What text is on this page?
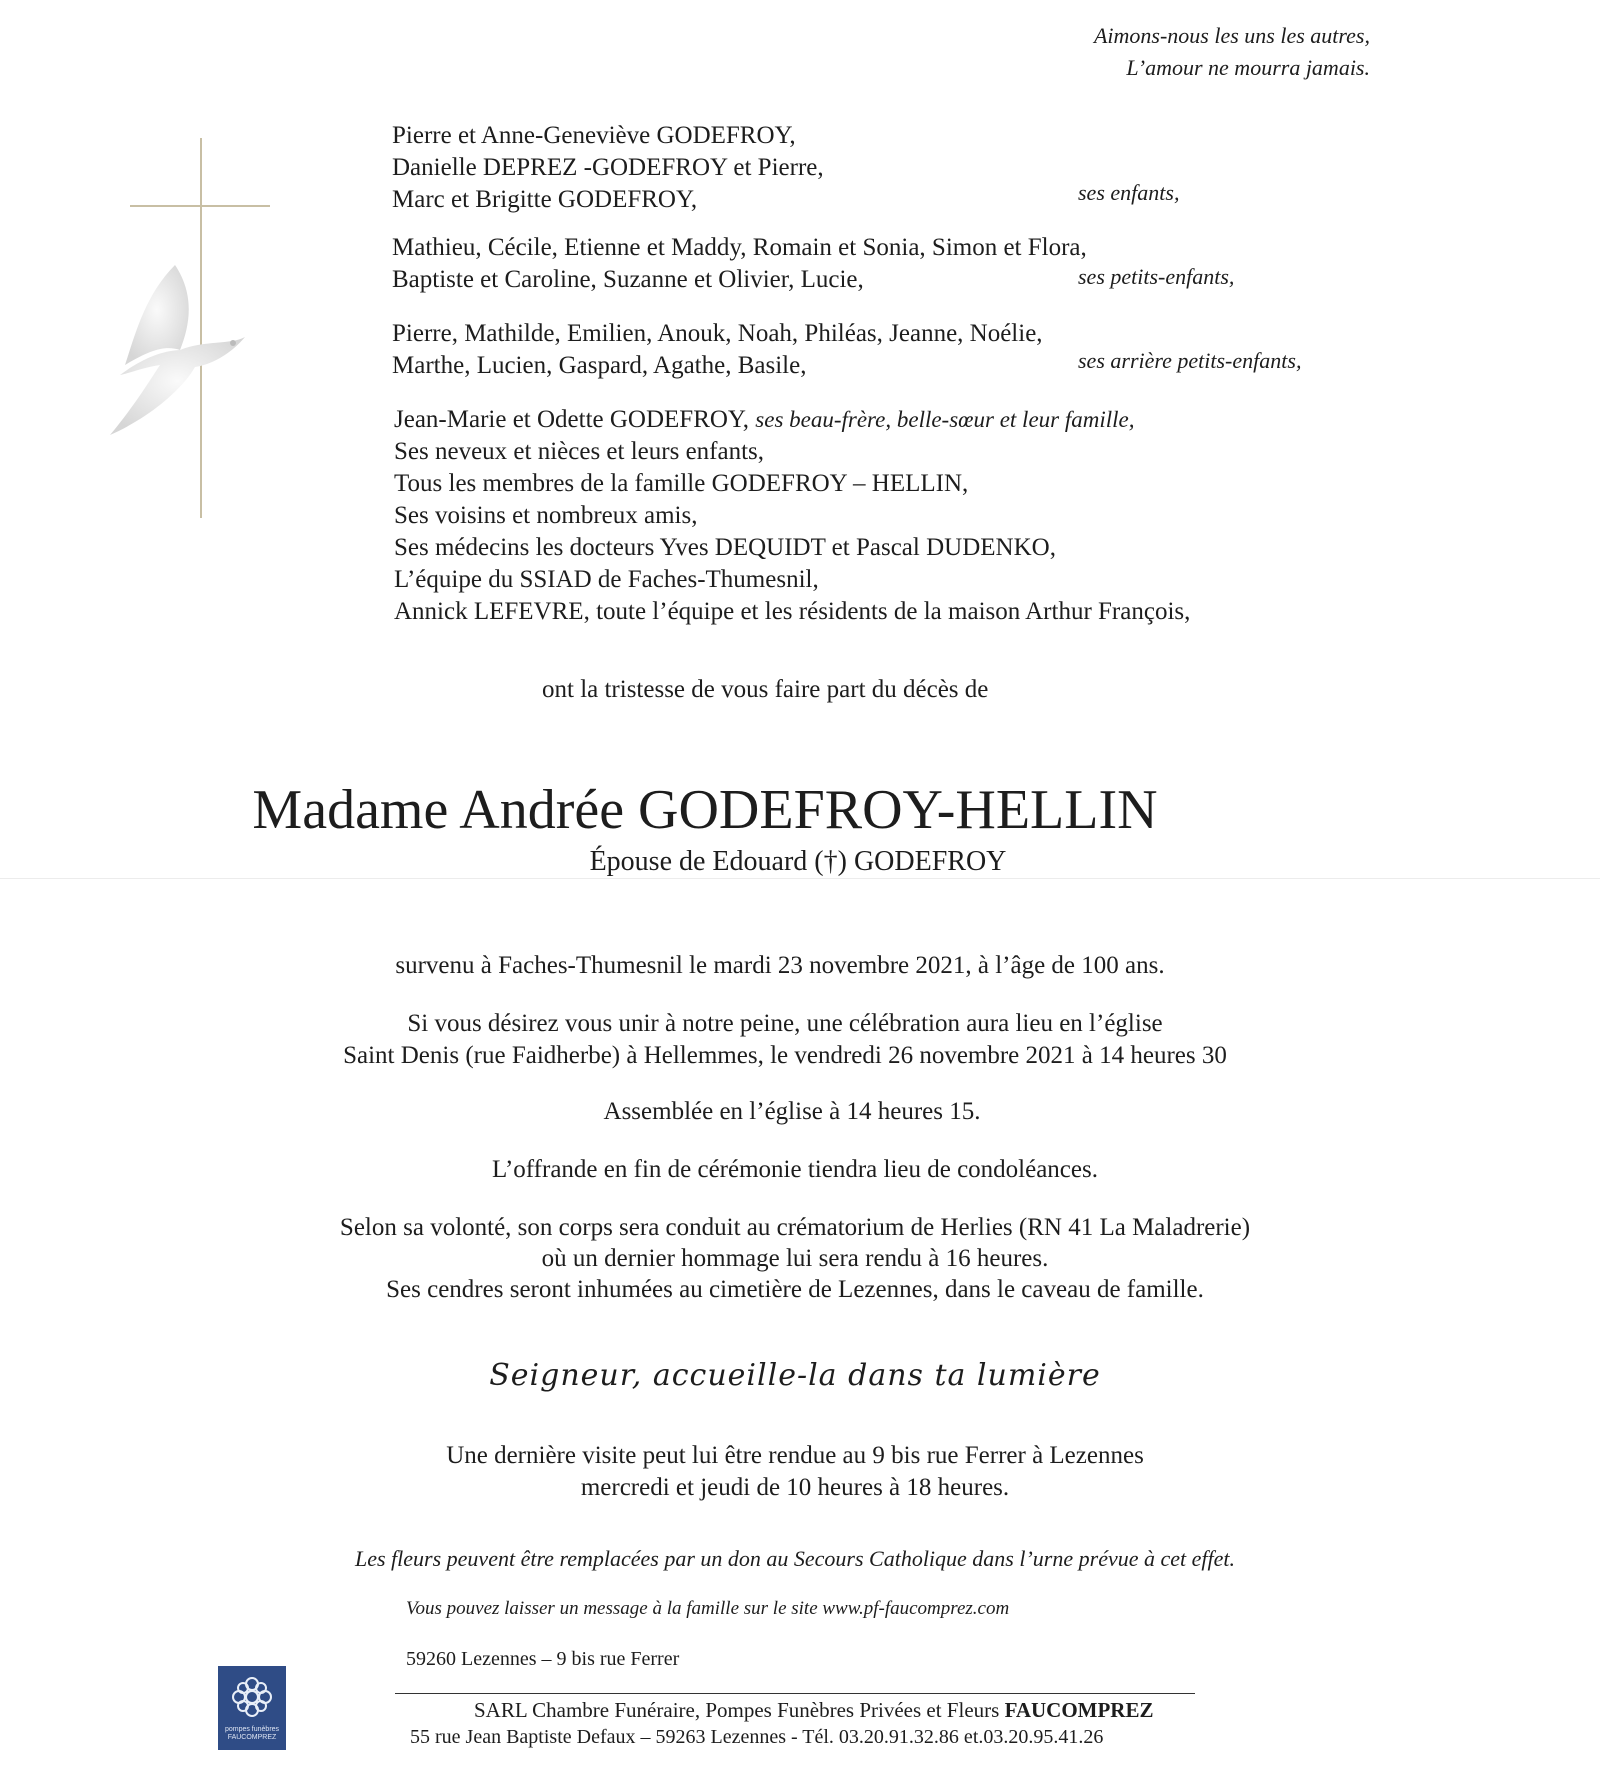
Aimons-nous les uns les autres,
L’amour ne mourra jamais.
Pierre et Anne-Geneviève GODEFROY,
Danielle DEPREZ -GODEFROY et Pierre,
Marc et Brigitte GODEFROY,	ses enfants,
Mathieu, Cécile, Etienne et Maddy, Romain et Sonia, Simon et Flora,
Baptiste et Caroline, Suzanne et Olivier, Lucie,	ses petits-enfants,
Pierre, Mathilde, Emilien, Anouk, Noah, Philéas, Jeanne, Noélie,
Marthe, Lucien, Gaspard, Agathe, Basile,	ses arrière petits-enfants,
Jean-Marie et Odette GODEFROY, ses beau-frère, belle-sœur et leur famille,
Ses neveux et nièces et leurs enfants,
Tous les membres de la famille GODEFROY – HELLIN,
Ses voisins et nombreux amis,
Ses médecins les docteurs Yves DEQUIDT et Pascal DUDENKO,
L’équipe du SSIAD de Faches-Thumesnil,
Annick LEFEVRE, toute l’équipe et les résidents de la maison Arthur François,
ont la tristesse de vous faire part du décès de
Madame Andrée GODEFROY-HELLIN
Épouse de Edouard (†) GODEFROY
survenu à Faches-Thumesnil le mardi 23 novembre 2021, à l’âge de 100 ans.
Si vous désirez vous unir à notre peine, une célébration aura lieu en l’église
Saint Denis (rue Faidherbe) à Hellemmes, le vendredi 26 novembre 2021 à 14 heures 30
Assemblée en l’église à 14 heures 15.
L’offrande en fin de cérémonie tiendra lieu de condoléances.
Selon sa volonté, son corps sera conduit au crématorium de Herlies (RN 41 La Maladrerie)
où un dernier hommage lui sera rendu à 16 heures.
Ses cendres seront inhumées au cimetière de Lezennes, dans le caveau de famille.
Seigneur, accueille-la dans ta lumière
Une dernière visite peut lui être rendue au 9 bis rue Ferrer à Lezennes
mercredi et jeudi de 10 heures à 18 heures.
Les fleurs peuvent être remplacées par un don au Secours Catholique dans l’urne prévue à cet effet.
Vous pouvez laisser un message à la famille sur le site www.pf-faucomprez.com
59260 Lezennes – 9 bis rue Ferrer
pompes funèbres
FAUCOMPREZ
SARL Chambre Funéraire, Pompes Funèbres Privées et Fleurs FAUCOMPREZ
55 rue Jean Baptiste Defaux – 59263 Lezennes - Tél. 03.20.91.32.86 et.03.20.95.41.26
